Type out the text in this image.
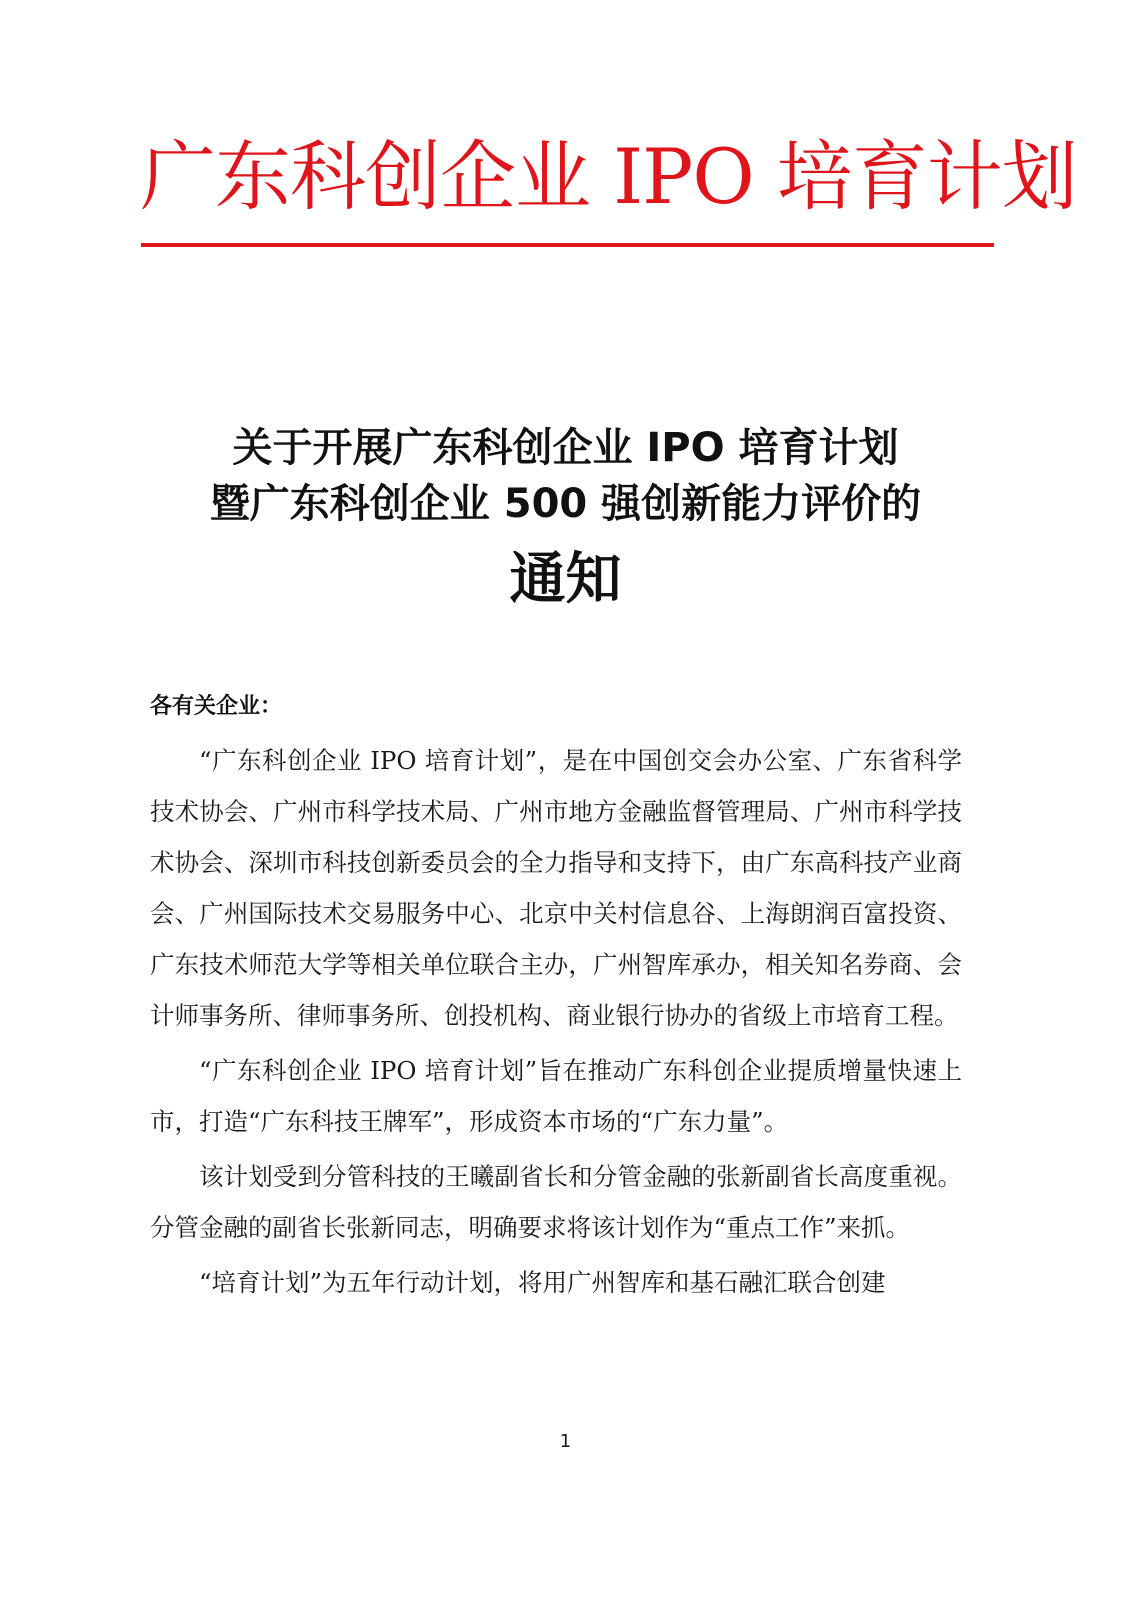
广东科创企业 IPO 培育计划
关于开展广东科创企业 IPO 培育计划
暨广东科创企业 500 强创新能力评价的
通知

各有关企业：

“广东科创企业 IPO 培育计划”，是在中国创交会办公室、广东省科学技术协会、广州市科学技术局、广州市地方金融监督管理局、广州市科学技术协会、深圳市科技创新委员会的全力指导和支持下，由广东高科技产业商会、广州国际技术交易服务中心、北京中关村信息谷、上海朗润百富投资、广东技术师范大学等相关单位联合主办，广州智库承办，相关知名券商、会计师事务所、律师事务所、创投机构、商业银行协办的省级上市培育工程。

“广东科创企业 IPO 培育计划”旨在推动广东科创企业提质增量快速上市，打造“广东科技王牌军”，形成资本市场的“广东力量”。

该计划受到分管科技的王曦副省长和分管金融的张新副省长高度重视。分管金融的副省长张新同志，明确要求将该计划作为“重点工作”来抓。

“培育计划”为五年行动计划，将用广州智库和基石融汇联合创建

1
